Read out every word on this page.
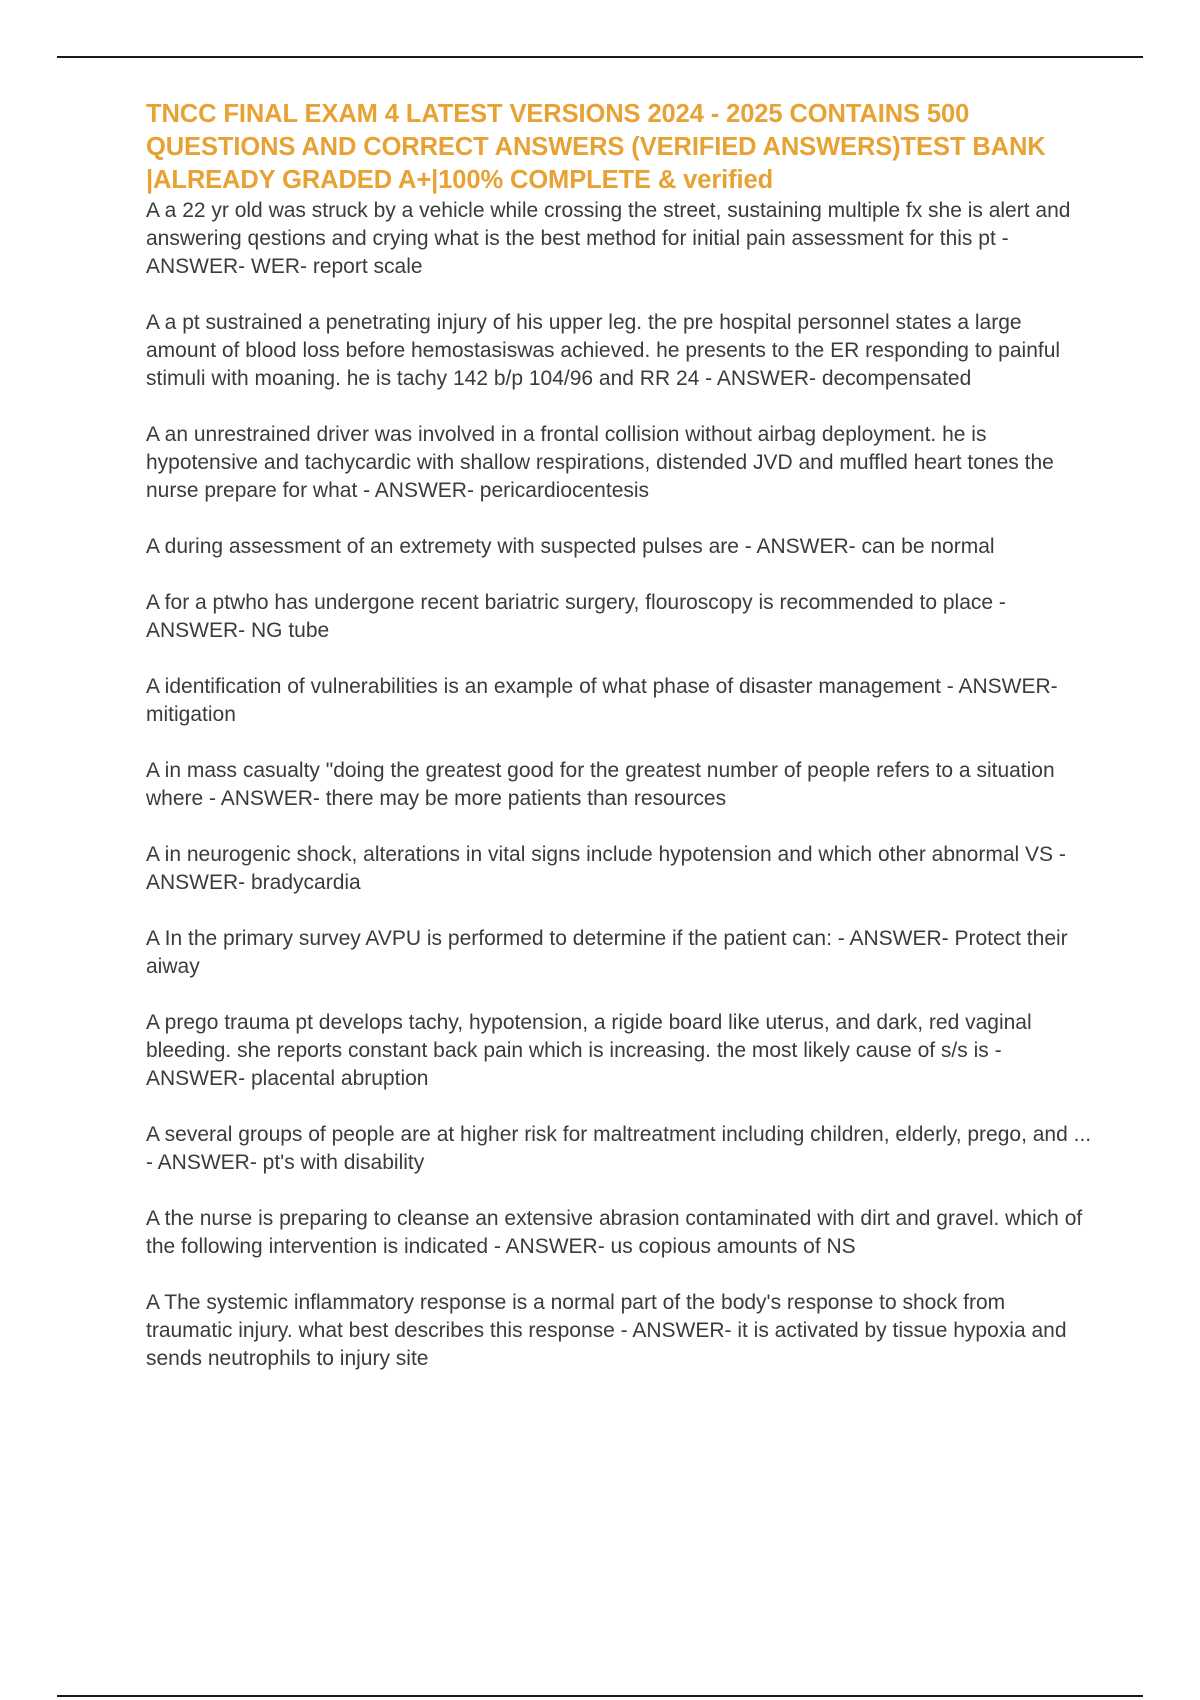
TNCC FINAL EXAM 4 LATEST VERSIONS 2024 - 2025 CONTAINS 500 QUESTIONS AND CORRECT ANSWERS (VERIFIED ANSWERS)TEST BANK |ALREADY GRADED A+|100% COMPLETE & verified
A a 22 yr old was struck by a vehicle while crossing the street, sustaining multiple fx she is alert and answering qestions and crying what is the best method for initial pain assessment for this pt - ANSWER- WER- report scale
A a pt sustrained a penetrating injury of his upper leg. the pre hospital personnel states a large amount of blood loss before hemostasiswas achieved. he presents to the ER responding to painful stimuli with moaning. he is tachy 142 b/p 104/96 and RR 24 - ANSWER- decompensated
A an unrestrained driver was involved in a frontal collision without airbag deployment. he is hypotensive and tachycardic with shallow respirations, distended JVD and muffled heart tones the nurse prepare for what - ANSWER- pericardiocentesis
A during assessment of an extremety with suspected pulses are - ANSWER- can be normal
A for a ptwho has undergone recent bariatric surgery, flouroscopy is recommended to place - ANSWER- NG tube
A identification of vulnerabilities is an example of what phase of disaster management - ANSWER- mitigation
A in mass casualty "doing the greatest good for the greatest number of people refers to a situation where - ANSWER- there may be more patients than resources
A in neurogenic shock, alterations in vital signs include hypotension and which other abnormal VS - ANSWER- bradycardia
A In the primary survey AVPU is performed to determine if the patient can: - ANSWER- Protect their aiway
A prego trauma pt develops tachy, hypotension, a rigide board like uterus, and dark, red vaginal bleeding. she reports constant back pain which is increasing. the most likely cause of s/s is - ANSWER- placental abruption
A several groups of people are at higher risk for maltreatment including children, elderly, prego, and ... - ANSWER- pt's with disability
A the nurse is preparing to cleanse an extensive abrasion contaminated with dirt and gravel. which of the following intervention is indicated - ANSWER- us copious amounts of NS
A The systemic inflammatory response is a normal part of the body's response to shock from traumatic injury. what best describes this response - ANSWER- it is activated by tissue hypoxia and sends neutrophils to injury site
